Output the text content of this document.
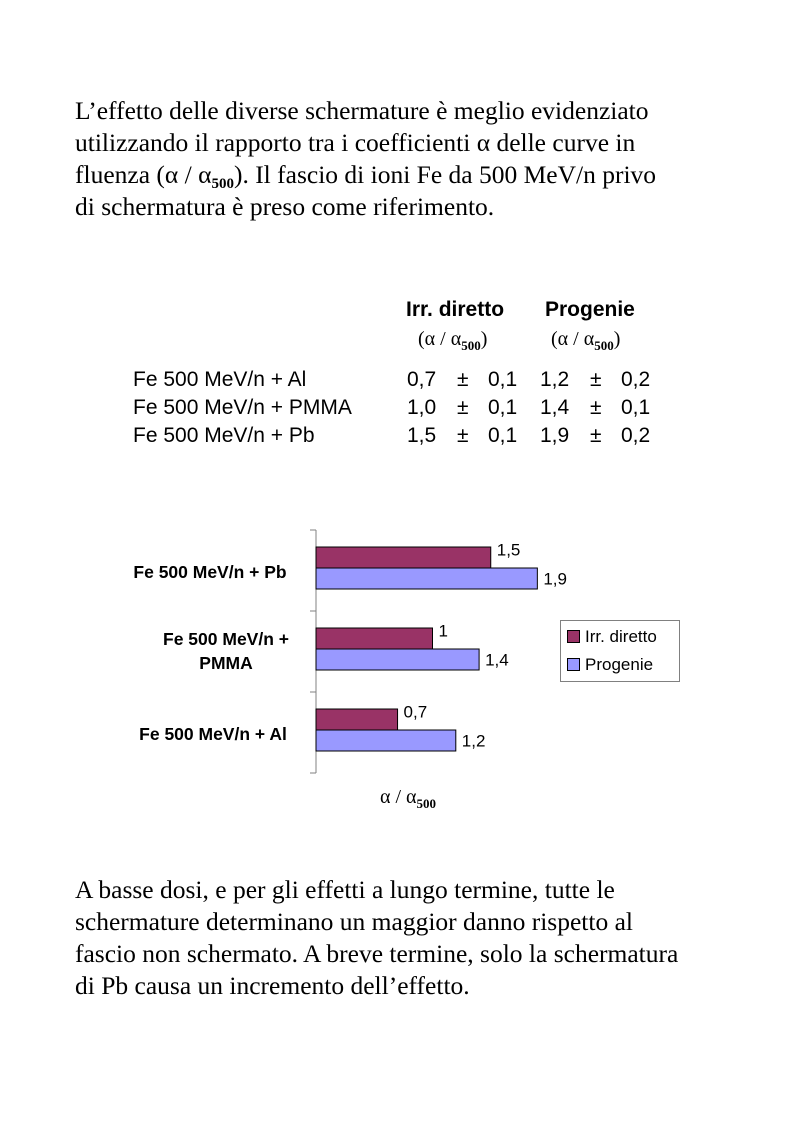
L’effetto delle diverse schermature è meglio evidenziato
utilizzando il rapporto tra i coefficienti α delle curve in
fluenza $(\alpha / \alpha_{500})$. Il fascio di ioni Fe da 500 MeV/n privo
di schermatura è preso come riferimento.
Irr. diretto Progenie
$(\alpha / \alpha_{500})$	$(\alpha / \alpha_{500})$
Fe 500 MeV/n + Al	0,7 ± 0,1 1,2 ± 0,2
Fe 500 MeV/n + PMMA	1,0 ± 0,1 1,4 ± 0,1
Fe 500 MeV/n + Pb	1,5 ± 0,1 1,9 ± 0,2
Fe 500 MeV/n + Pb
Fe 500 MeV/n +
PMMA
Fe 500 MeV/n + Al
1,5
1,9
1
1,4
0,7
1,2
Irr. diretto
Progenie
α / $\alpha_{500}$
A basse dosi, e per gli effetti a lungo termine, tutte le
schermature determinano un maggior danno rispetto al
fascio non schermato. A breve termine, solo la schermatura
di Pb causa un incremento dell’effetto.
